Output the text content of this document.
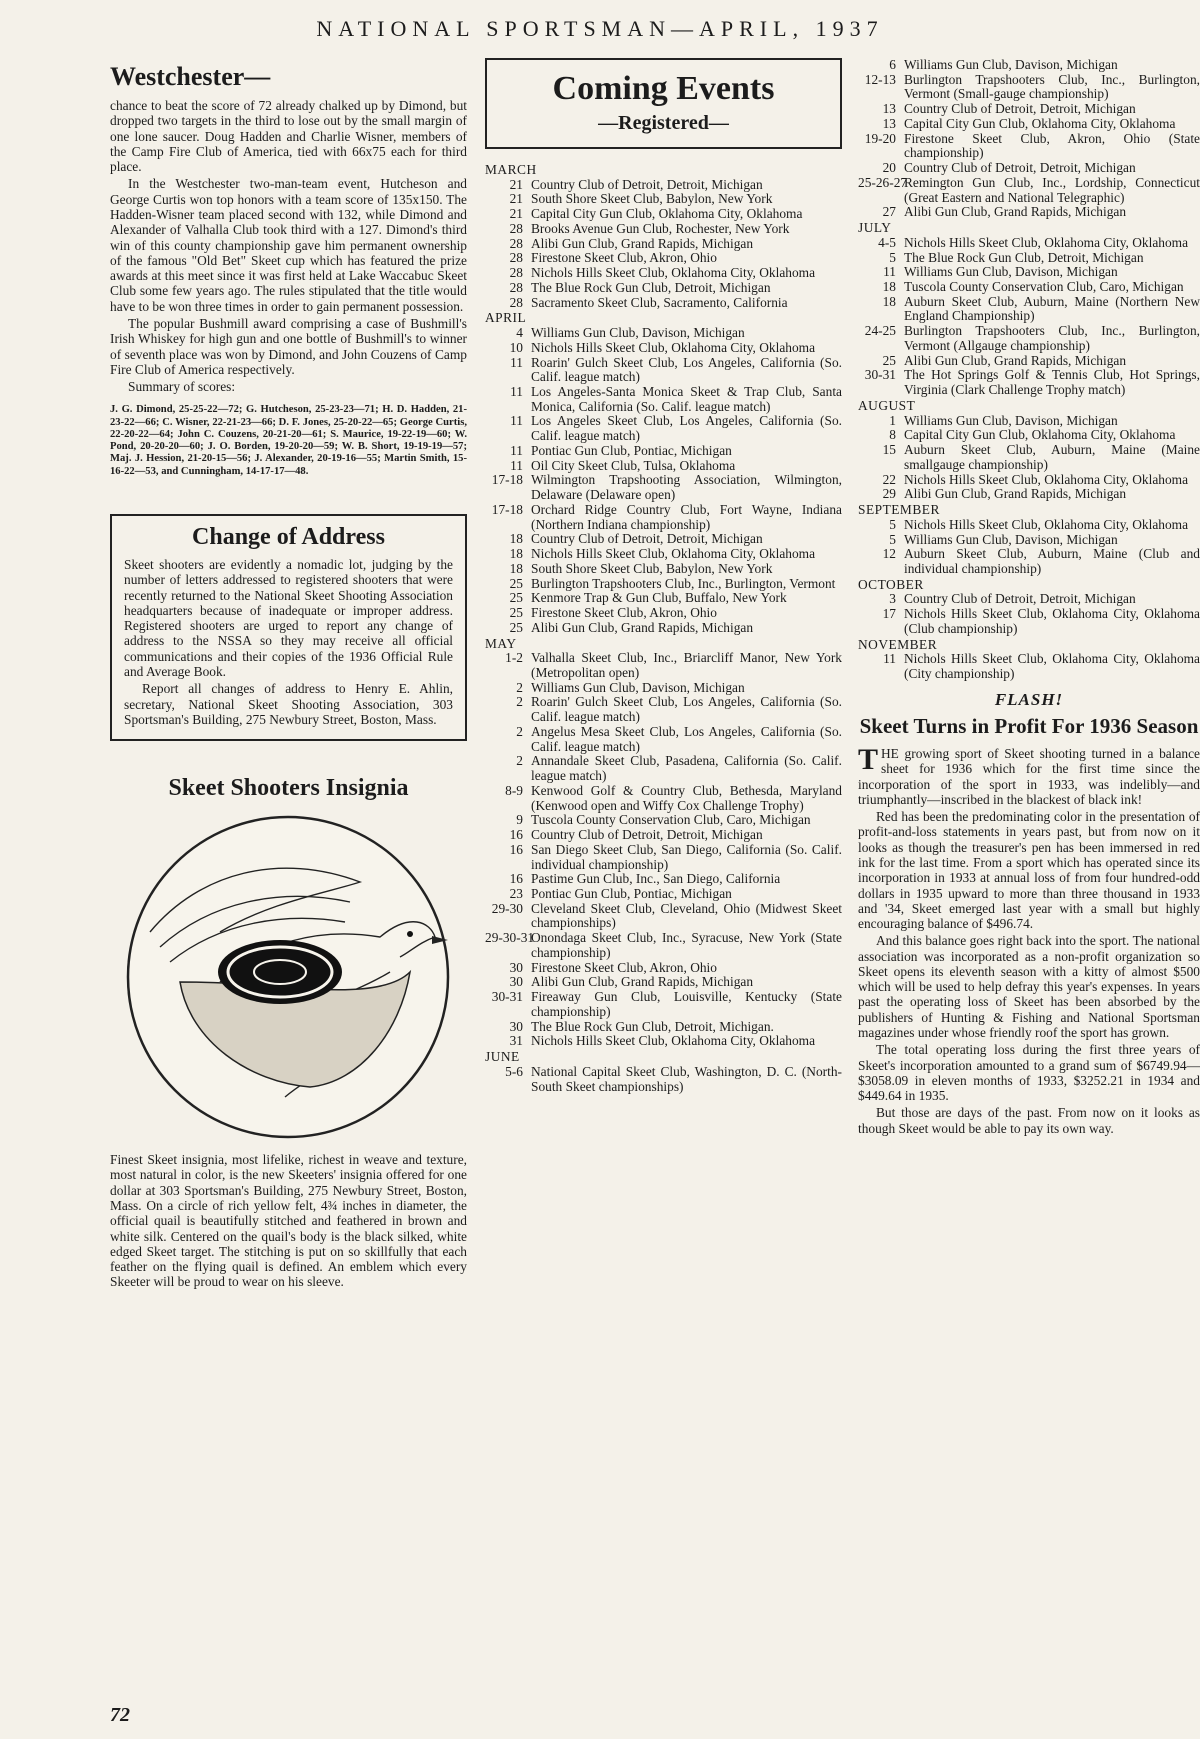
NATIONAL SPORTSMAN—APRIL, 1937
Westchester—

chance to beat the score of 72 already chalked up by Dimond, but dropped two targets in the third to lose out by the small margin of one lone saucer. Doug Hadden and Charlie Wisner, members of the Camp Fire Club of America, tied with 66x75 each for third place.

In the Westchester two-man-team event, Hutcheson and George Curtis won top honors with a team score of 135x150. The Hadden-Wisner team placed second with 132, while Dimond and Alexander of Valhalla Club took third with a 127. Dimond's third win of this county championship gave him permanent ownership of the famous "Old Bet" Skeet cup which has featured the prize awards at this meet since it was first held at Lake Waccabuc Skeet Club some few years ago. The rules stipulated that the title would have to be won three times in order to gain permanent possession.

The popular Bushmill award comprising a case of Bushmill's Irish Whiskey for high gun and one bottle of Bushmill's to winner of seventh place was won by Dimond, and John Couzens of Camp Fire Club of America respectively.

Summary of scores:

J. G. Dimond, 25-25-22—72; G. Hutcheson, 25-23-23—71; H. D. Hadden, 21-23-22—66; C. Wisner, 22-21-23—66; D. F. Jones, 25-20-22—65; George Curtis, 22-20-22—64; John C. Couzens, 20-21-20—61; S. Maurice, 19-22-19—60; W. Pond, 20-20-20—60; J. O. Borden, 19-20-20—59; W. B. Short, 19-19-19—57; Maj. J. Hession, 21-20-15—56; J. Alexander, 20-19-16—55; Martin Smith, 15-16-22—53, and Cunningham, 14-17-17—48.
Change of Address

Skeet shooters are evidently a nomadic lot, judging by the number of letters addressed to registered shooters that were recently returned to the National Skeet Shooting Association headquarters because of inadequate or improper address. Registered shooters are urged to report any change of address to the NSSA so they may receive all official communications and their copies of the 1936 Official Rule and Average Book.

Report all changes of address to Henry E. Ahlin, secretary, National Skeet Shooting Association, 303 Sportsman's Building, 275 Newbury Street, Boston, Mass.

Skeet Shooters Insignia

Finest Skeet insignia, most lifelike, richest in weave and texture, most natural in color, is the new Skeeters' insignia offered for one dollar at 303 Sportsman's Building, 275 Newbury Street, Boston, Mass. On a circle of rich yellow felt, 4¾ inches in diameter, the official quail is beautifully stitched and feathered in brown and white silk. Centered on the quail's body is the black silked, white edged Skeet target. The stitching is put on so skillfully that each feather on the flying quail is defined. An emblem which every Skeeter will be proud to wear on his sleeve.

Coming Events
—Registered—
MARCH
21 Country Club of Detroit, Detroit, Michigan
21 South Shore Skeet Club, Babylon, New York
21 Capital City Gun Club, Oklahoma City, Oklahoma
28 Brooks Avenue Gun Club, Rochester, New York
28 Alibi Gun Club, Grand Rapids, Michigan
28 Firestone Skeet Club, Akron, Ohio
28 Nichols Hills Skeet Club, Oklahoma City, Oklahoma
28 The Blue Rock Gun Club, Detroit, Michigan
28 Sacramento Skeet Club, Sacramento, California
APRIL
4 Williams Gun Club, Davison, Michigan
10 Nichols Hills Skeet Club, Oklahoma City, Oklahoma
11 Roarin' Gulch Skeet Club, Los Angeles, California (So. Calif. league match)
11 Los Angeles-Santa Monica Skeet & Trap Club, Santa Monica, California (So. Calif. league match)
11 Los Angeles Skeet Club, Los Angeles, California (So. Calif. league match)
11 Pontiac Gun Club, Pontiac, Michigan
11 Oil City Skeet Club, Tulsa, Oklahoma
17-18 Wilmington Trapshooting Association, Wilmington, Delaware (Delaware open)
17-18 Orchard Ridge Country Club, Fort Wayne, Indiana (Northern Indiana championship)
18 Country Club of Detroit, Detroit, Michigan
18 Nichols Hills Skeet Club, Oklahoma City, Oklahoma
18 South Shore Skeet Club, Babylon, New York
25 Burlington Trapshooters Club, Inc., Burlington, Vermont
25 Kenmore Trap & Gun Club, Buffalo, New York
25 Firestone Skeet Club, Akron, Ohio
25 Alibi Gun Club, Grand Rapids, Michigan
MAY
1-2 Valhalla Skeet Club, Inc., Briarcliff Manor, New York (Metropolitan open)
2 Williams Gun Club, Davison, Michigan
2 Roarin' Gulch Skeet Club, Los Angeles, California (So. Calif. league match)
2 Angelus Mesa Skeet Club, Los Angeles, California (So. Calif. league match)
2 Annandale Skeet Club, Pasadena, California (So. Calif. league match)
8-9 Kenwood Golf & Country Club, Bethesda, Maryland (Kenwood open and Wiffy Cox Challenge Trophy)
9 Tuscola County Conservation Club, Caro, Michigan
16 Country Club of Detroit, Detroit, Michigan
16 San Diego Skeet Club, San Diego, California (So. Calif. individual championship)
16 Pastime Gun Club, Inc., San Diego, California
23 Pontiac Gun Club, Pontiac, Michigan
29-30 Cleveland Skeet Club, Cleveland, Ohio (Midwest Skeet championships)
29-30-31
Onondaga Skeet Club, Inc., Syracuse, New York (State championship)
30 Firestone Skeet Club, Akron, Ohio
30 Alibi Gun Club, Grand Rapids, Michigan
30-31 Fireaway Gun Club, Louisville, Kentucky (State championship)
30 The Blue Rock Gun Club, Detroit, Michigan.
31 Nichols Hills Skeet Club, Oklahoma City, Oklahoma
JUNE
5-6 National Capital Skeet Club, Washington, D. C. (North-South Skeet championships)
6 Williams Gun Club, Davison, Michigan
12-13 Burlington Trapshooters Club, Inc., Burlington, Vermont (Small-gauge championship)
13 Country Club of Detroit, Detroit, Michigan
13 Capital City Gun Club, Oklahoma City, Oklahoma
19-20 Firestone Skeet Club, Akron, Ohio (State championship)
20 Country Club of Detroit, Detroit, Michigan
25-26-27
Remington Gun Club, Inc., Lordship, Connecticut (Great Eastern and National Telegraphic)
27 Alibi Gun Club, Grand Rapids, Michigan
JULY
4-5 Nichols Hills Skeet Club, Oklahoma City, Oklahoma
5 The Blue Rock Gun Club, Detroit, Michigan
11 Williams Gun Club, Davison, Michigan
18 Tuscola County Conservation Club, Caro, Michigan
18 Auburn Skeet Club, Auburn, Maine (Northern New England Championship)
24-25 Burlington Trapshooters Club, Inc., Burlington, Vermont (Allgauge championship)
25 Alibi Gun Club, Grand Rapids, Michigan
30-31 The Hot Springs Golf & Tennis Club, Hot Springs, Virginia (Clark Challenge Trophy match)
AUGUST
1 Williams Gun Club, Davison, Michigan
8 Capital City Gun Club, Oklahoma City, Oklahoma
15 Auburn Skeet Club, Auburn, Maine (Maine smallgauge championship)
22 Nichols Hills Skeet Club, Oklahoma City, Oklahoma
29 Alibi Gun Club, Grand Rapids, Michigan
SEPTEMBER
5 Nichols Hills Skeet Club, Oklahoma City, Oklahoma
5 Williams Gun Club, Davison, Michigan
12 Auburn Skeet Club, Auburn, Maine (Club and individual championship)
OCTOBER
3 Country Club of Detroit, Detroit, Michigan
17 Nichols Hills Skeet Club, Oklahoma City, Oklahoma (Club championship)
NOVEMBER
11 Nichols Hills Skeet Club, Oklahoma City, Oklahoma (City championship)
FLASH!
Skeet Turns in Profit For 1936 Season

THE growing sport of Skeet shooting turned in a balance sheet for 1936 which for the first time since the incorporation of the sport in 1933, was indelibly—and triumphantly—inscribed in the blackest of black ink!

Red has been the predominating color in the presentation of profit-and-loss statements in years past, but from now on it looks as though the treasurer's pen has been immersed in red ink for the last time. From a sport which has operated since its incorporation in 1933 at annual loss of from four hundred-odd dollars in 1935 upward to more than three thousand in 1933 and '34, Skeet emerged last year with a small but highly encouraging balance of $496.74.

And this balance goes right back into the sport. The national association was incorporated as a non-profit organization so Skeet opens its eleventh season with a kitty of almost $500 which will be used to help defray this year's expenses. In years past the operating loss of Skeet has been absorbed by the publishers of Hunting & Fishing and National Sportsman magazines under whose friendly roof the sport has grown.

The total operating loss during the first three years of Skeet's incorporation amounted to a grand sum of $6749.94—$3058.09 in eleven months of 1933, $3252.21 in 1934 and $449.64 in 1935.

But those are days of the past. From now on it looks as though Skeet would be able to pay its own way.

72
